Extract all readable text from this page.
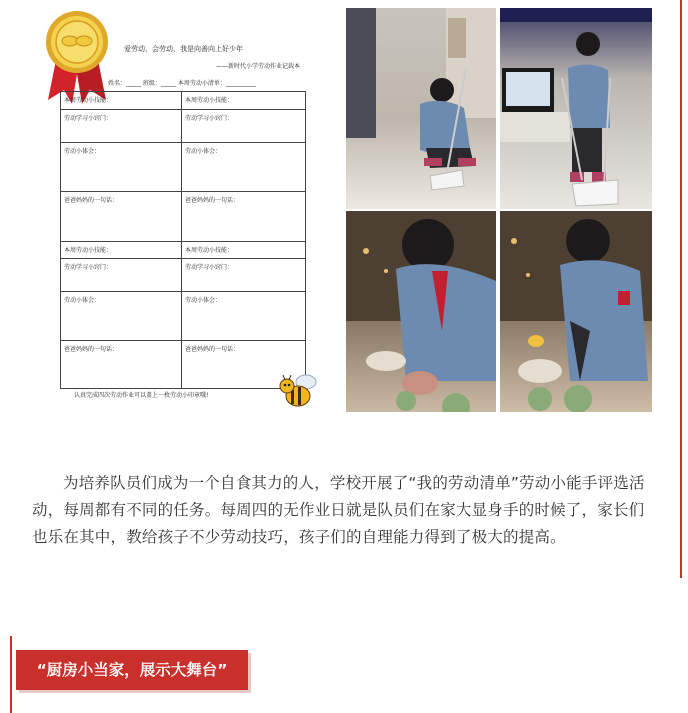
爱劳动，会劳动，我是向善向上好少年
——新时代小学劳动作业记载本
姓名：_____ 班级：_____ 本周劳动小清单：__________
本周劳动小技能：	本周劳动小技能：
劳动学习小窍门：	劳动学习小窍门：
劳动小体会：	劳动小体会：
爸爸妈妈的一句话：	爸爸妈妈的一句话：
本周劳动小技能：	本周劳动小技能：
劳动学习小窍门：	劳动学习小窍门：
劳动小体会：	劳动小体会：
爸爸妈妈的一句话：	爸爸妈妈的一句话：
认真完成四次劳动作业可以盖上一枚劳动小印章哦!

为培养队员们成为一个自食其力的人，学校开展了“我的劳动清单”劳动小能手评选活动，每周都有不同的任务。每周四的无作业日就是队员们在家大显身手的时候了，家长们也乐在其中，教给孩子不少劳动技巧，孩子们的自理能力得到了极大的提高。

“厨房小当家，展示大舞台”
